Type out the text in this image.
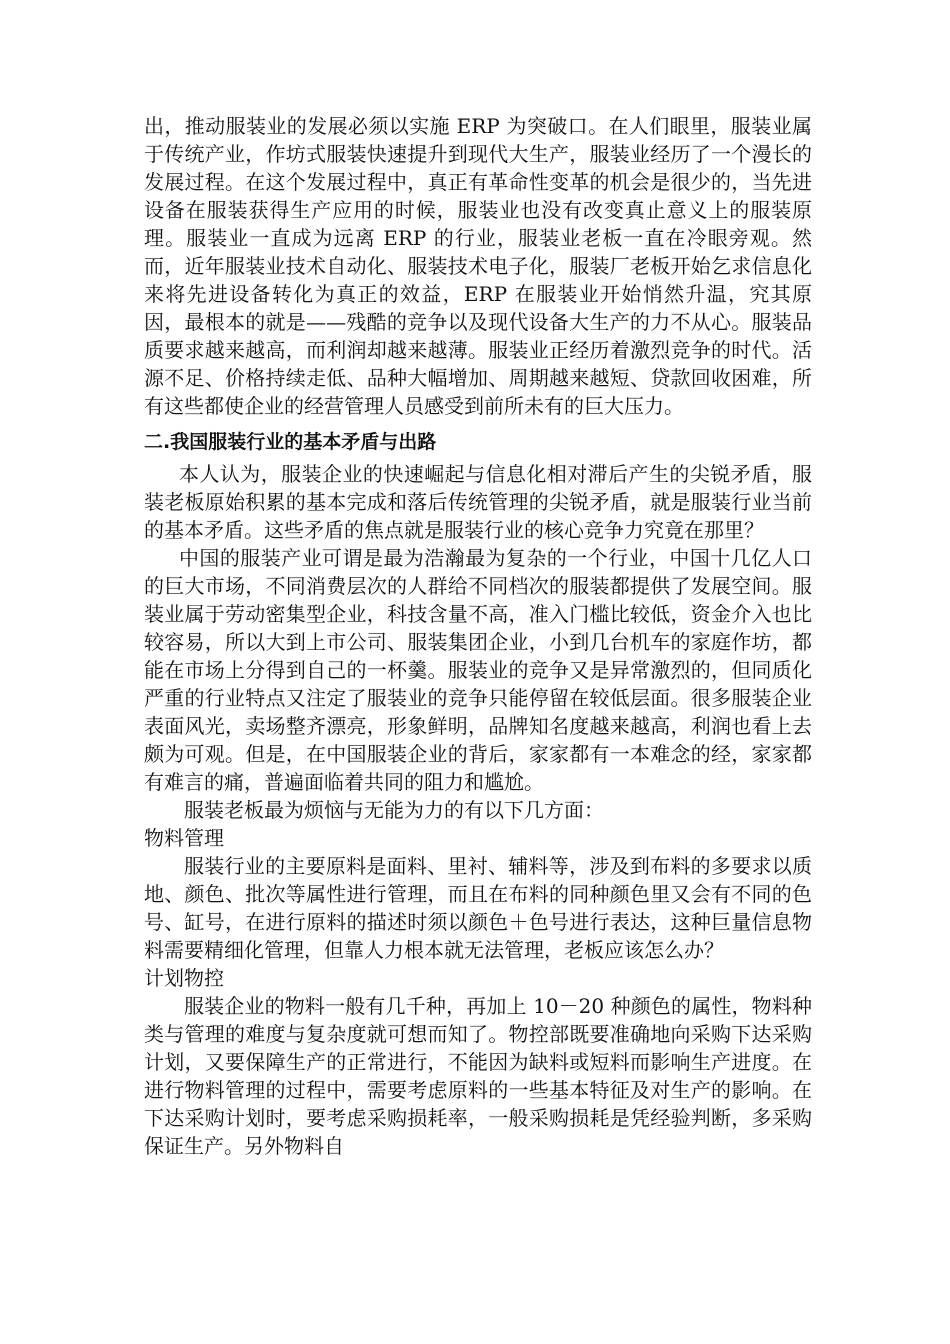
出，推动服装业的发展必须以实施 ERP 为突破口。在人们眼里，服装业属于传统产业，作坊式服装快速提升到现代大生产，服装业经历了一个漫长的发展过程。在这个发展过程中，真正有革命性变革的机会是很少的，当先进设备在服装获得生产应用的时候，服装业也没有改变真止意义上的服装原理。服装业一直成为远离 ERP 的行业，服装业老板一直在冷眼旁观。然而，近年服装业技术自动化、服装技术电子化，服装厂老板开始乞求信息化来将先进设备转化为真正的效益，ERP 在服装业开始悄然升温，究其原因，最根本的就是——残酷的竞争以及现代设备大生产的力不从心。服装品质要求越来越高，而利润却越来越薄。服装业正经历着激烈竞争的时代。活源不足、价格持续走低、品种大幅增加、周期越来越短、贷款回收困难，所有这些都使企业的经营管理人员感受到前所未有的巨大压力。

二.我国服装行业的基本矛盾与出路

本人认为，服装企业的快速崛起与信息化相对滞后产生的尖锐矛盾，服装老板原始积累的基本完成和落后传统管理的尖锐矛盾，就是服装行业当前的基本矛盾。这些矛盾的焦点就是服装行业的核心竞争力究竟在那里？

中国的服装产业可谓是最为浩瀚最为复杂的一个行业，中国十几亿人口的巨大市场，不同消费层次的人群给不同档次的服装都提供了发展空间。服装业属于劳动密集型企业，科技含量不高，准入门槛比较低，资金介入也比较容易，所以大到上市公司、服装集团企业，小到几台机车的家庭作坊，都能在市场上分得到自己的一杯羹。服装业的竞争又是异常激烈的，但同质化严重的行业特点又注定了服装业的竞争只能停留在较低层面。很多服装企业表面风光，卖场整齐漂亮，形象鲜明，品牌知名度越来越高，利润也看上去颇为可观。但是，在中国服装企业的背后，家家都有一本难念的经，家家都有难言的痛，普遍面临着共同的阻力和尴尬。

服装老板最为烦恼与无能为力的有以下几方面：

物料管理

服装行业的主要原料是面料、里衬、辅料等，涉及到布料的多要求以质地、颜色、批次等属性进行管理，而且在布料的同种颜色里又会有不同的色号、缸号，在进行原料的描述时须以颜色＋色号进行表达，这种巨量信息物料需要精细化管理，但靠人力根本就无法管理，老板应该怎么办？

计划物控

服装企业的物料一般有几千种，再加上 10－20 种颜色的属性，物料种类与管理的难度与复杂度就可想而知了。物控部既要准确地向采购下达采购计划，又要保障生产的正常进行，不能因为缺料或短料而影响生产进度。在进行物料管理的过程中，需要考虑原料的一些基本特征及对生产的影响。在下达采购计划时，要考虑采购损耗率，一般采购损耗是凭经验判断，多采购保证生产。另外物料自
